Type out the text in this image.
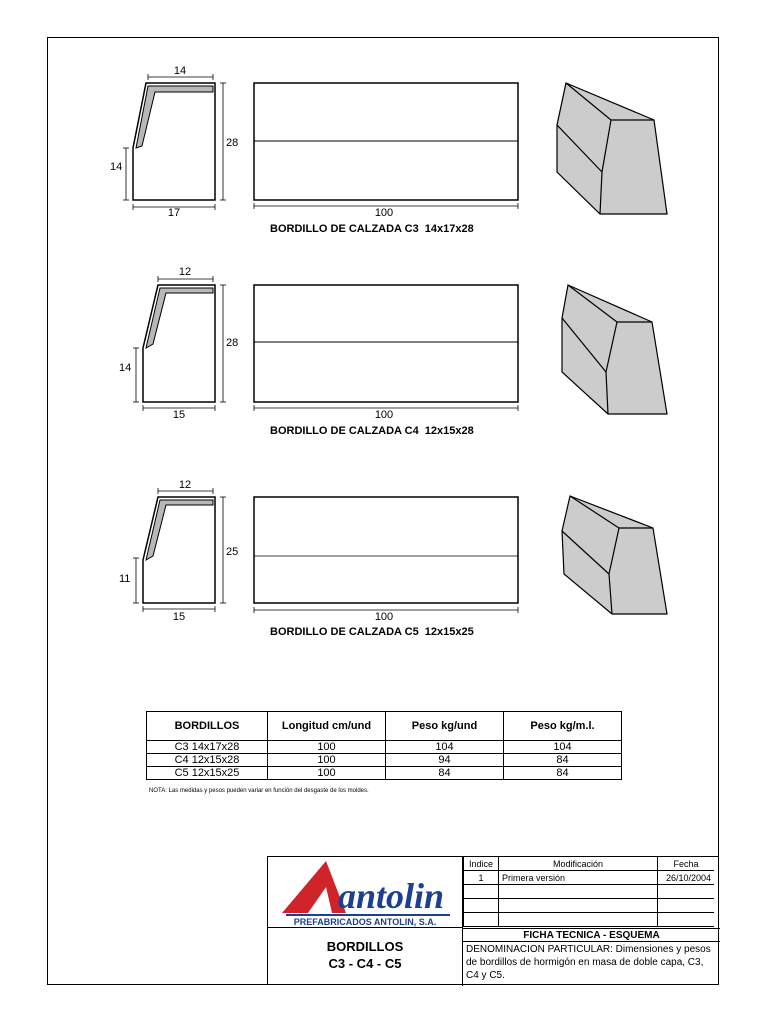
14
28
14
17	100
12
28
14
15	100
12
25
11
15	100
BORDILLO DE CALZADA C3  14x17x28
BORDILLO DE CALZADA C4  12x15x28
BORDILLO DE CALZADA C5  12x15x25
BORDILLOS	Longitud cm/und	Peso kg/und	Peso kg/m.l.
C3 14x17x28	100	104	104
C4 12x15x28	100	94	84
C5 12x15x25	100	84	84
NOTA: Las medidas y pesos pueden variar en función del desgaste de los moldes.
antolin
PREFABRICADOS ANTOLIN, S.A.
BORDILLOS
C3 - C4 - C5
Indice	Modificación	Fecha
1	Primera versión	26/10/2004

FICHA TECNICA - ESQUEMA
DENOMINACION PARTICULAR: Dimensiones y pesos de bordillos de hormigón en masa de doble capa, C3, C4 y C5.
